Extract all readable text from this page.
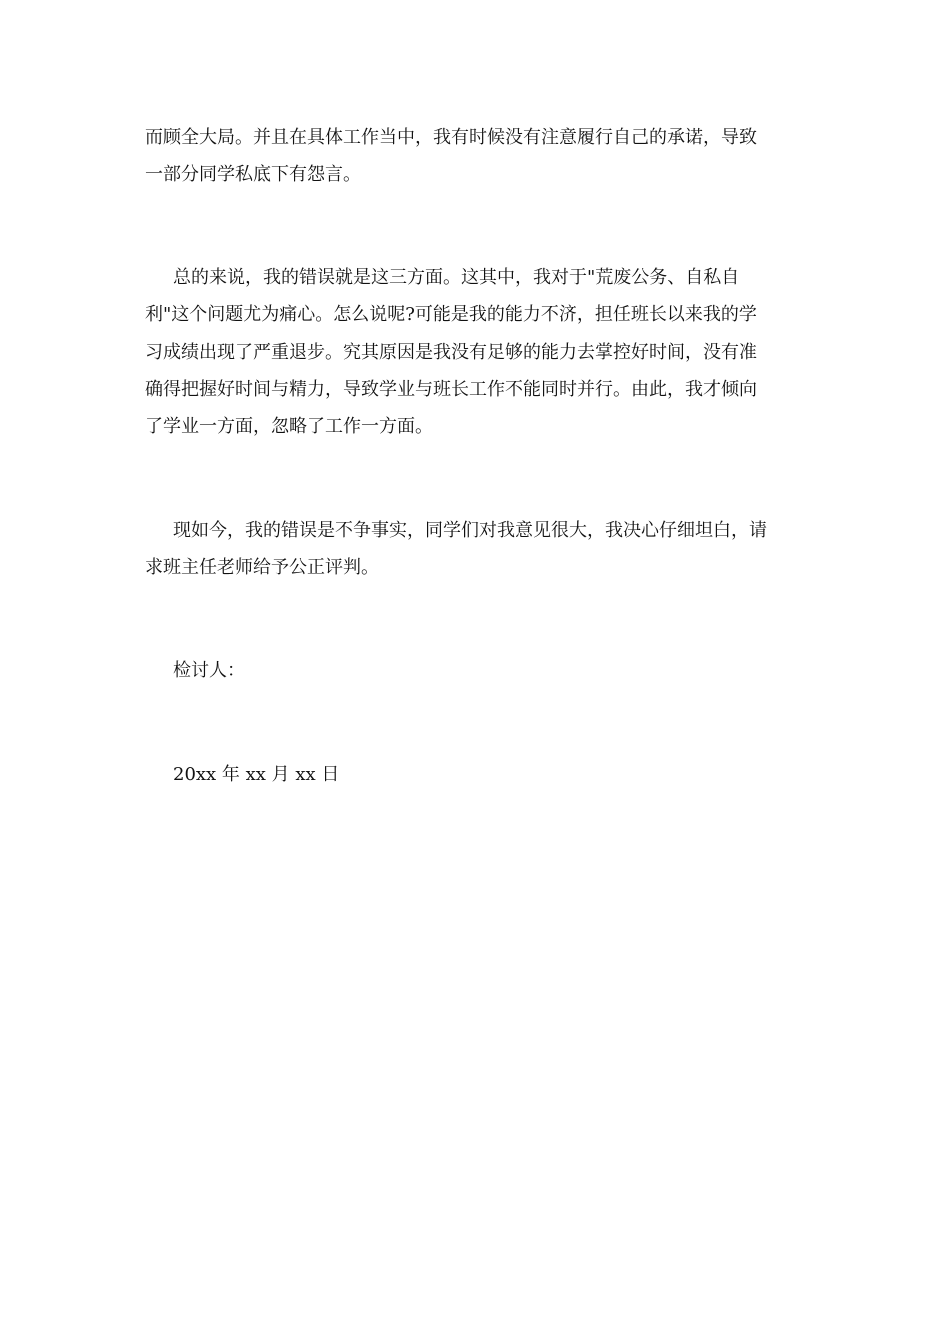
而顾全大局。并且在具体工作当中，我有时候没有注意履行自己的承诺，导致
一部分同学私底下有怨言。
总的来说，我的错误就是这三方面。这其中，我对于"荒废公务、自私自
利"这个问题尤为痛心。怎么说呢?可能是我的能力不济，担任班长以来我的学
习成绩出现了严重退步。究其原因是我没有足够的能力去掌控好时间，没有准
确得把握好时间与精力，导致学业与班长工作不能同时并行。由此，我才倾向
了学业一方面，忽略了工作一方面。
现如今，我的错误是不争事实，同学们对我意见很大，我决心仔细坦白，请
求班主任老师给予公正评判。
检讨人：
20xx 年 xx 月 xx 日
